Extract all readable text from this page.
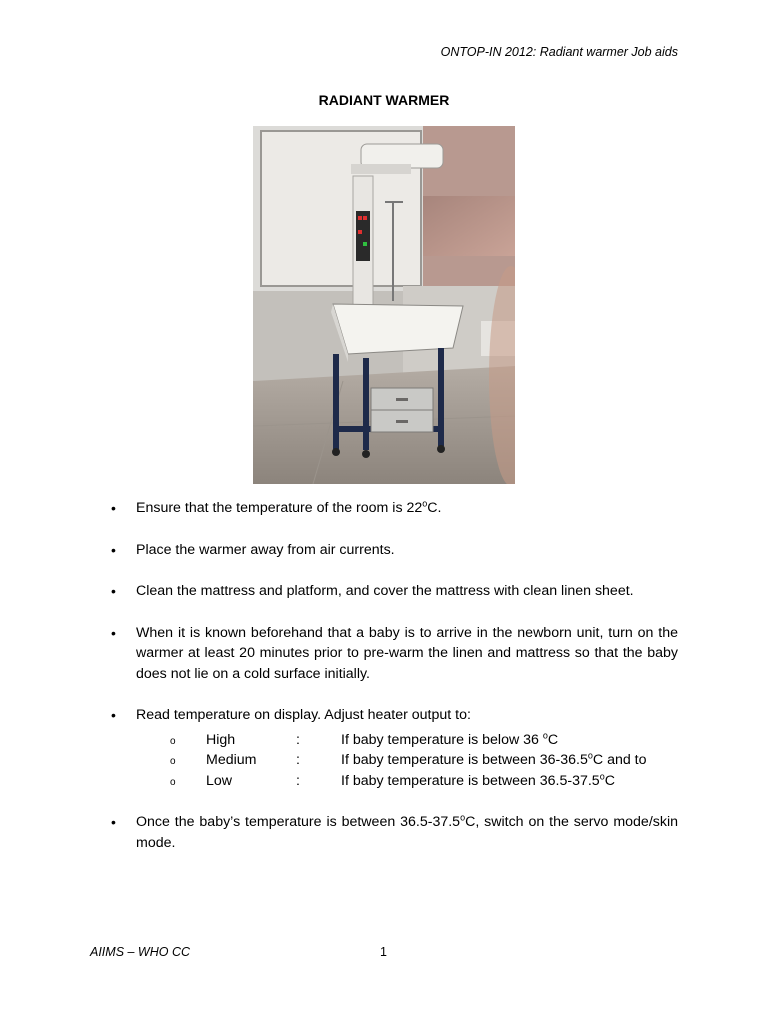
ONTOP-IN 2012: Radiant warmer Job aids
RADIANT WARMER
• Ensure that the temperature of the room is 22$^o$C.
• Place the warmer away from air currents.
• Clean the mattress and platform, and cover the mattress with clean linen sheet.
• When it is known beforehand that a baby is to arrive in the newborn unit, turn on the warmer at least 20 minutes prior to pre-warm the linen and mattress so that the baby does not lie on a cold surface initially.
• Read temperature on display. Adjust heater output to:
o High	:	If baby temperature is below 36 $^o$C
o Medium	:	If baby temperature is between 36-36.5$^o$C and to
o Low	:	If baby temperature is between 36.5-37.5$^o$C
• Once the baby’s temperature is between 36.5-37.5$^o$C, switch on the servo mode/skin mode.
AIIMS – WHO CC	1
